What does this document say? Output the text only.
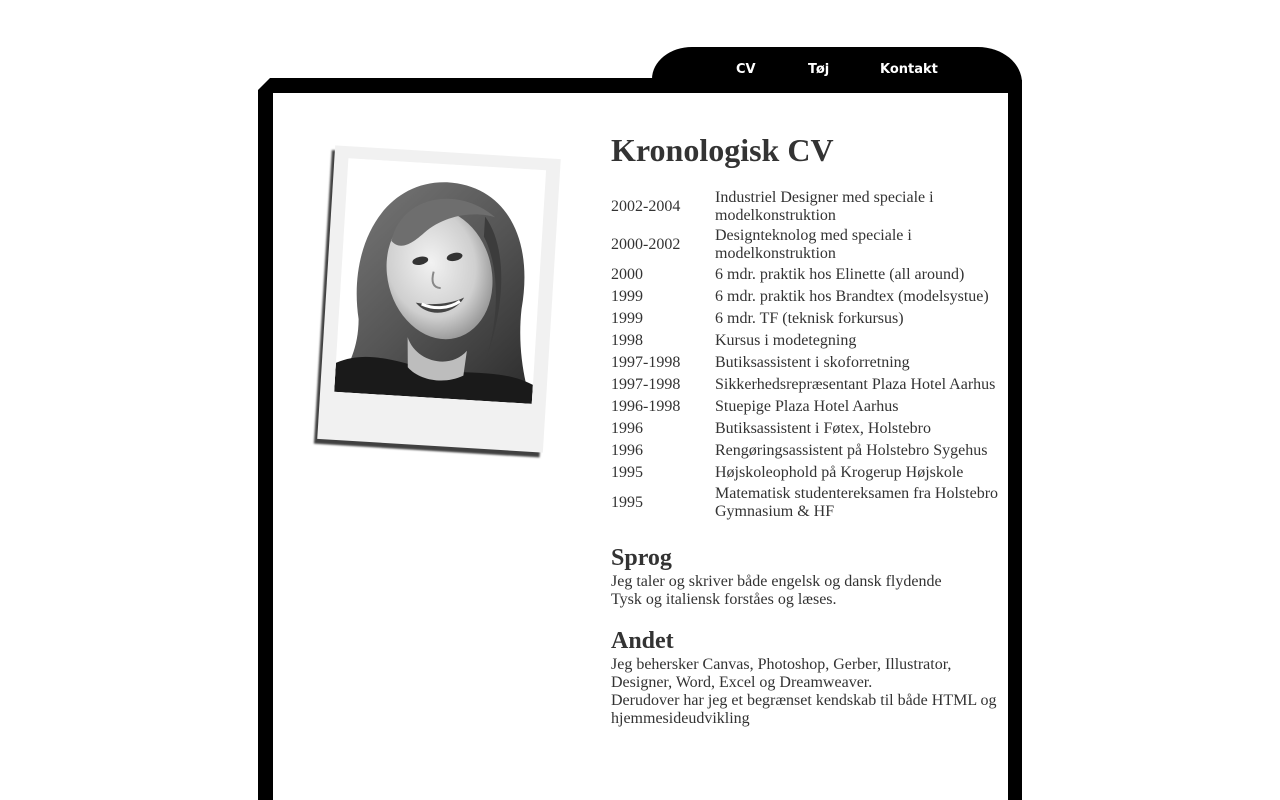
CV	Tøj	Kontakt
Kronologisk CV
2002-2004	Industriel Designer med speciale i modelkonstruktion
2000-2002	Designteknolog med speciale i modelkonstruktion
2000	6 mdr. praktik hos Elinette (all around)
1999	6 mdr. praktik hos Brandtex (modelsystue)
1999	6 mdr. TF (teknisk forkursus)
1998	Kursus i modetegning
1997-1998	Butiksassistent i skoforretning
1997-1998	Sikkerhedsrepræsentant Plaza Hotel Aarhus
1996-1998	Stuepige Plaza Hotel Aarhus
1996	Butiksassistent i Føtex, Holstebro
1996	Rengøringsassistent på Holstebro Sygehus
1995	Højskoleophold på Krogerup Højskole
1995	Matematisk studentereksamen fra Holstebro Gymnasium & HF
Sprog

Jeg taler og skriver både engelsk og dansk flydende
Tysk og italiensk forståes og læses.

Andet

Jeg behersker Canvas, Photoshop, Gerber, Illustrator, Designer, Word, Excel og Dreamweaver.
Derudover har jeg et begrænset kendskab til både HTML og hjemmesideudvikling
